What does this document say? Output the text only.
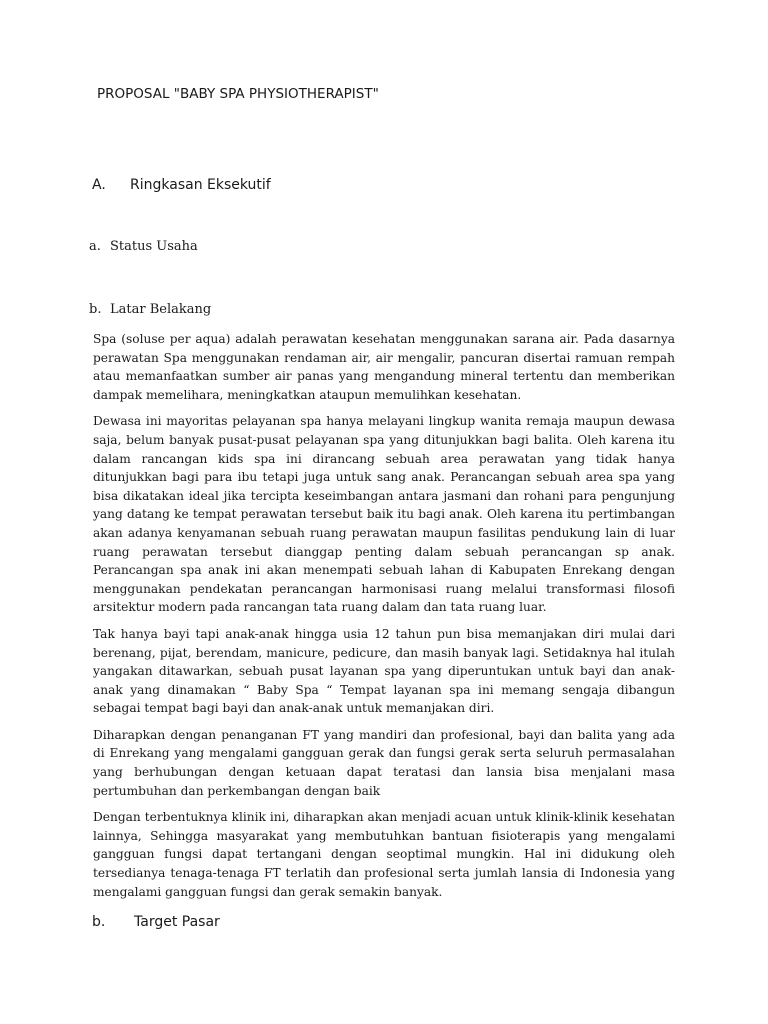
PROPOSAL "BABY SPA PHYSIOTHERAPIST"
A. Ringkasan Eksekutif
a. Status Usaha
b. Latar Belakang

Spa (soluse per aqua) adalah perawatan kesehatan menggunakan sarana air. Pada dasarnya perawatan Spa menggunakan rendaman air, air mengalir, pancuran disertai ramuan rempah atau memanfaatkan sumber air panas yang mengandung mineral tertentu dan memberikan dampak memelihara, meningkatkan ataupun memulihkan kesehatan.

Dewasa ini mayoritas pelayanan spa hanya melayani lingkup wanita remaja maupun dewasa saja, belum banyak pusat-pusat pelayanan spa yang ditunjukkan bagi balita. Oleh karena itu dalam rancangan kids spa ini dirancang sebuah area perawatan yang tidak hanya ditunjukkan bagi para ibu tetapi juga untuk sang anak. Perancangan sebuah area spa yang bisa dikatakan ideal jika tercipta keseimbangan antara jasmani dan rohani para pengunjung yang datang ke tempat perawatan tersebut baik itu bagi anak. Oleh karena itu pertimbangan akan adanya kenyamanan sebuah ruang perawatan maupun fasilitas pendukung lain di luar ruang perawatan tersebut dianggap penting dalam sebuah perancangan sp anak. Perancangan spa anak ini akan menempati sebuah lahan di Kabupaten Enrekang dengan menggunakan pendekatan perancangan harmonisasi ruang melalui transformasi filosofi arsitektur modern pada rancangan tata ruang dalam dan tata ruang luar.

Tak hanya bayi tapi anak-anak hingga usia 12 tahun pun bisa memanjakan diri mulai dari berenang, pijat, berendam, manicure, pedicure, dan masih banyak lagi. Setidaknya hal itulah yangakan ditawarkan, sebuah pusat layanan spa yang diperuntukan untuk bayi dan anak-anak yang dinamakan “ Baby Spa “ Tempat layanan spa ini memang sengaja dibangun sebagai tempat bagi bayi dan anak-anak untuk memanjakan diri.

Diharapkan dengan penanganan FT yang mandiri dan profesional, bayi dan balita yang ada di Enrekang yang mengalami gangguan gerak dan fungsi gerak serta seluruh permasalahan yang berhubungan dengan ketuaan dapat teratasi dan lansia bisa menjalani masa pertumbuhan dan perkembangan dengan baik

Dengan terbentuknya klinik ini, diharapkan akan menjadi acuan untuk klinik-klinik kesehatan lainnya, Sehingga masyarakat yang membutuhkan bantuan fisioterapis yang mengalami gangguan fungsi dapat tertangani dengan seoptimal mungkin. Hal ini didukung oleh tersedianya tenaga-tenaga FT terlatih dan profesional serta jumlah lansia di Indonesia yang mengalami gangguan fungsi dan gerak semakin banyak.

b. Target Pasar
